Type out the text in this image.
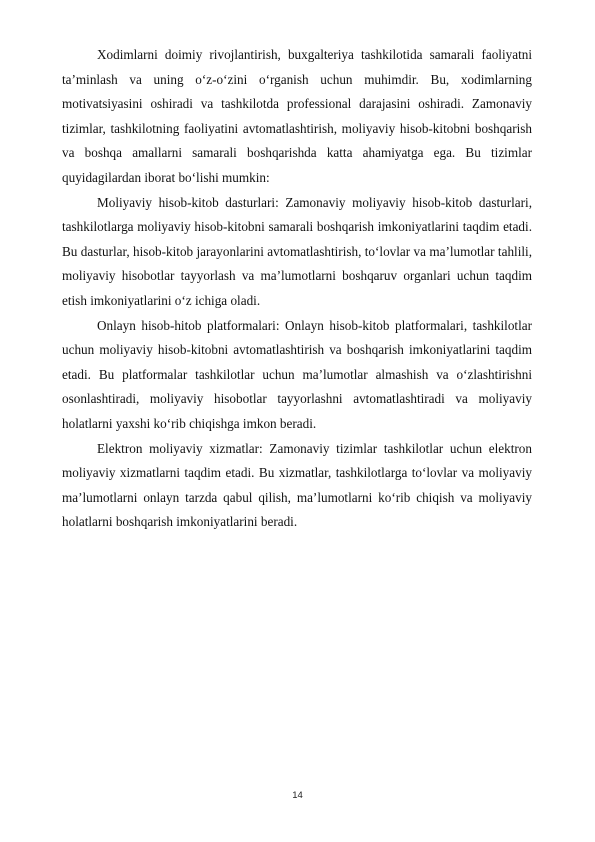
Xodimlarni doimiy rivojlantirish, buxgalteriya tashkilotida samarali faoliyatni ta’minlash va uning o‘z-o‘zini o‘rganish uchun muhimdir. Bu, xodimlarning motivatsiyasini oshiradi va tashkilotda professional darajasini oshiradi. Zamonaviy tizimlar, tashkilotning faoliyatini avtomatlashtirish, moliyaviy hisob-kitobni boshqarish va boshqa amallarni samarali boshqarishda katta ahamiyatga ega. Bu tizimlar quyidagilardan iborat bo‘lishi mumkin:

Moliyaviy hisob-kitob dasturlari: Zamonaviy moliyaviy hisob-kitob dasturlari, tashkilotlarga moliyaviy hisob-kitobni samarali boshqarish imkoniyatlarini taqdim etadi. Bu dasturlar, hisob-kitob jarayonlarini avtomatlashtirish, to‘lovlar va ma’lumotlar tahlili, moliyaviy hisobotlar tayyorlash va ma’lumotlarni boshqaruv organlari uchun taqdim etish imkoniyatlarini o‘z ichiga oladi.

Onlayn hisob-hitob platformalari: Onlayn hisob-kitob platformalari, tashkilotlar uchun moliyaviy hisob-kitobni avtomatlashtirish va boshqarish imkoniyatlarini taqdim etadi. Bu platformalar tashkilotlar uchun ma’lumotlar almashish va o‘zlashtirishni osonlashtiradi, moliyaviy hisobotlar tayyorlashni avtomatlashtiradi va moliyaviy holatlarni yaxshi ko‘rib chiqishga imkon beradi.

Elektron moliyaviy xizmatlar: Zamonaviy tizimlar tashkilotlar uchun elektron moliyaviy xizmatlarni taqdim etadi. Bu xizmatlar, tashkilotlarga to‘lovlar va moliyaviy ma’lumotlarni onlayn tarzda qabul qilish, ma’lumotlarni ko‘rib chiqish va moliyaviy holatlarni boshqarish imkoniyatlarini beradi.

14
